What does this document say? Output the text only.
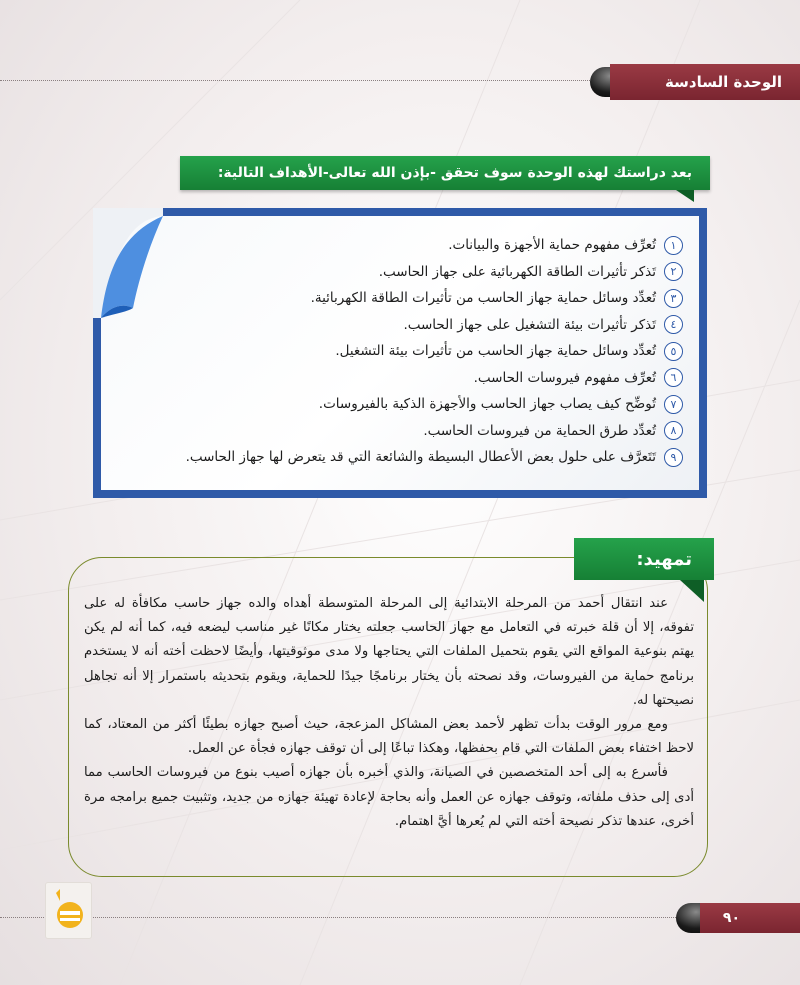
الوحدة السادسة
بعد دراستك لهذه الوحدة سوف تحقق -بإذن الله تعالى-الأهداف التالية:
١
تُعرِّف مفهوم حماية الأجهزة والبيانات.
٢
تَذكر تأثيرات الطاقة الكهربائية على جهاز الحاسب.
٣
تُعدِّد وسائل حماية جهاز الحاسب من تأثيرات الطاقة الكهربائية.
٤
تَذكر تأثيرات بيئة التشغيل على جهاز الحاسب.
٥
تُعدِّد وسائل حماية جهاز الحاسب من تأثيرات بيئة التشغيل.
٦
تُعرِّف مفهوم فيروسات الحاسب.
٧
تُوضِّح كيف يصاب جهاز الحاسب والأجهزة الذكية بالفيروسات.
٨
تُعدِّد طرق الحماية من فيروسات الحاسب.
٩
تَتَعرَّف على حلول بعض الأعطال البسيطة والشائعة التي قد يتعرض لها جهاز الحاسب.
تمهيد:

عند انتقال أحمد من المرحلة الابتدائية إلى المرحلة المتوسطة أهداه والده جهاز حاسب مكافأة له على تفوقه، إلا أن قلة خبرته في التعامل مع جهاز الحاسب جعلته يختار مكانًا غير مناسب ليضعه فيه، كما أنه لم يكن يهتم بنوعية المواقع التي يقوم بتحميل الملفات التي يحتاجها ولا مدى موثوقيتها، وأيضًا لاحظت أخته أنه لا يستخدم برنامج حماية من الفيروسات، وقد نصحته بأن يختار برنامجًا جيدًا للحماية، ويقوم بتحديثه باستمرار إلا أنه تجاهل نصيحتها له.

ومع مرور الوقت بدأت تظهر لأحمد بعض المشاكل المزعجة، حيث أصبح جهازه بطيئًا أكثر من المعتاد، كما لاحظ اختفاء بعض الملفات التي قام بحفظها، وهكذا تباعًا إلى أن توقف جهازه فجأة عن العمل.

فأسرع به إلى أحد المتخصصين في الصيانة، والذي أخبره بأن جهازه أصيب بنوع من فيروسات الحاسب مما أدى إلى حذف ملفاته، وتوقف جهازه عن العمل وأنه بحاجة لإعادة تهيئة جهازه من جديد، وتثبيت جميع برامجه مرة أخرى، عندها تذكر نصيحة أخته التي لم يُعرها أيَّ اهتمام.

٩٠
